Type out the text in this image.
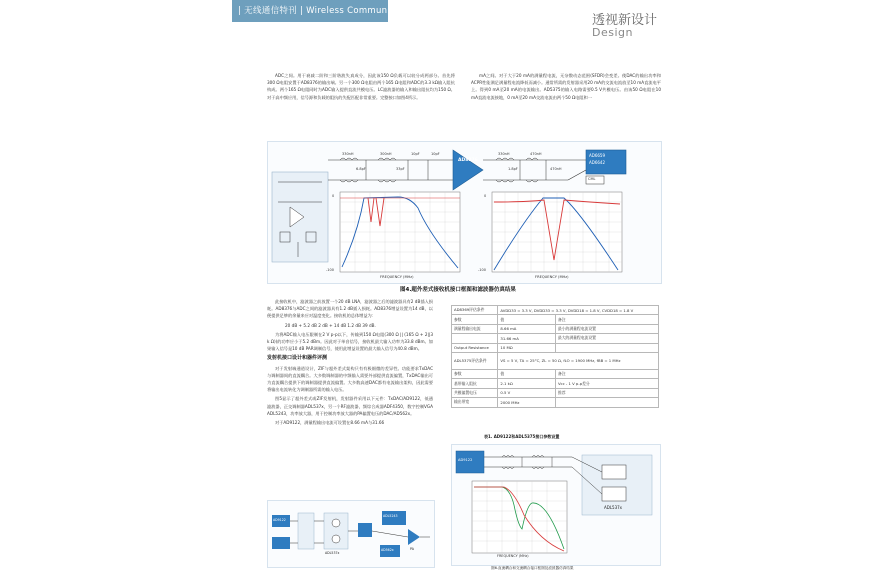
| 无线通信特刊 | Wireless Communication
透视新设计
Design

ADC之间。用于衰减二阶和三阶谐波失真成分，因此该150 Ω负载可以较分成两部分。首先将300 Ω电阻安置于AD8376的输出端。另一个300 Ω电阻由两个165 Ω电阻和ADC的3.3 kΩ输入阻抗构成。两个165 Ω电阻同时为ADC输入提供直流共模电压。LC滤波器的输入和输出阻抗均为150 Ω。对于高中频应用，信号源和负载的阻抗的失配匹配非常重要。完整接口如图4所示。

mA之间。对于大于20 mA的满量程电流，无杂散动态范围(SFDR)会变差。使DAC的输出功率和ACPR性能满足满量程电流降低而减小。通常所需的发射器采用20 mA的交流电流放至10 mA直流电平上。得到0 mA至20 mA的电流输出。AD5375的输入电路需要0.5 V共模电压。由该50 Ω电阻在10 mA直流电流接地，0 mA至20 mA交流电流由两个50 Ω电阻和一

AD8376
AD6659
AD6642
CML
330nH	300nH	10pF	10pF
6.8pF	33pF
330nH	470nH
1.8pF	470nH
0
-100
0
-100
FREQUENCY (MHz)	FREQUENCY (MHz)
图4.超外差式接收机接口框图和滤波器仿真结果

此接收机中，滤波器之前放置一个20 dB LNA，滤波器之后的滤波器具有2 dB插入损耗。AD8376与ADC之间的滤波器具有1.2 dB插入损耗。AD8376增益设置为14 dB，以便提供足够的余量来应对温度变化。接收机的总体增益为：

20 dB + 5.2 dB 2 dB + 14 dB 1.2 dB 39 dB.

为将ADC输入电压限制在2 V p-p以下，传输到150 Ω电阻(300 Ω || (165 Ω + 2||3 k Ω))的功率应小于5.2 dBm。因此对于单音信号，接收机最大输入功率为33.8 dBm。如果输入信号是10 dB PAR调制信号，使用此增益设置的最大输入信号为40.8 dBm。

发射机接口设计和器件评测

对于发射端通道设计，ZIF与超外差式架构只有有极细微的差异性。功能要求TxDAC与调制器间的直流耦合。大多数调制器的中频输入需要外部提供直流偏置，TxDAC输出可为直流耦合提供下的调制器提供直流偏置。大多数高速DAC都有电流输出架构，因此需要将输出电流转化为调制器所需的输入电压。

图5显示了超外差式或ZIF发射机，发射器件采用以下元件：TxDAC/AD9122，低通滤波器，正交调制器ADL537x，另一个RF滤波器，频综合成器ADF4350，数字控制VGA ADL5243，功率放大器，用于控制功率放大器的PA偏置电压的DAC/AD562x。

对于AD9122，满量程输出电流可设置在8.66 mA与31.66

AD8369评估条件	AVDD33 = 3.3 V, DVDD33 = 3.3 V, DVDD18 = 1.8 V, CVDD18 = 1.8 V	
参数	值	备注
满量程输出电流	8.66 mA	最小的满量程电流设置
	31.66 mA	最大的满量程电流设置
Output Resistance	10 MΩ	
ADL5375评估条件	VS = 5 V, TA = 25°C, ZL = 50 Ω, fLO = 1900 MHz, fBB = 1 MHz	
参数	值	备注
基带输入阻抗	2.1 kΩ	Vcc - 1 V p-p差分
共模偏置电压	0.5 V	推荐
输出带宽	2000 MHz	
表1. AD9122和ADL5375接口参数设置
AD9122
ADL537x
FREQUENCY (MHz)
图6.直流耦合和交流耦合接口框图及滤波器仿真结果
AD9122
ADL537x
ADL5243
AD562x	PA
